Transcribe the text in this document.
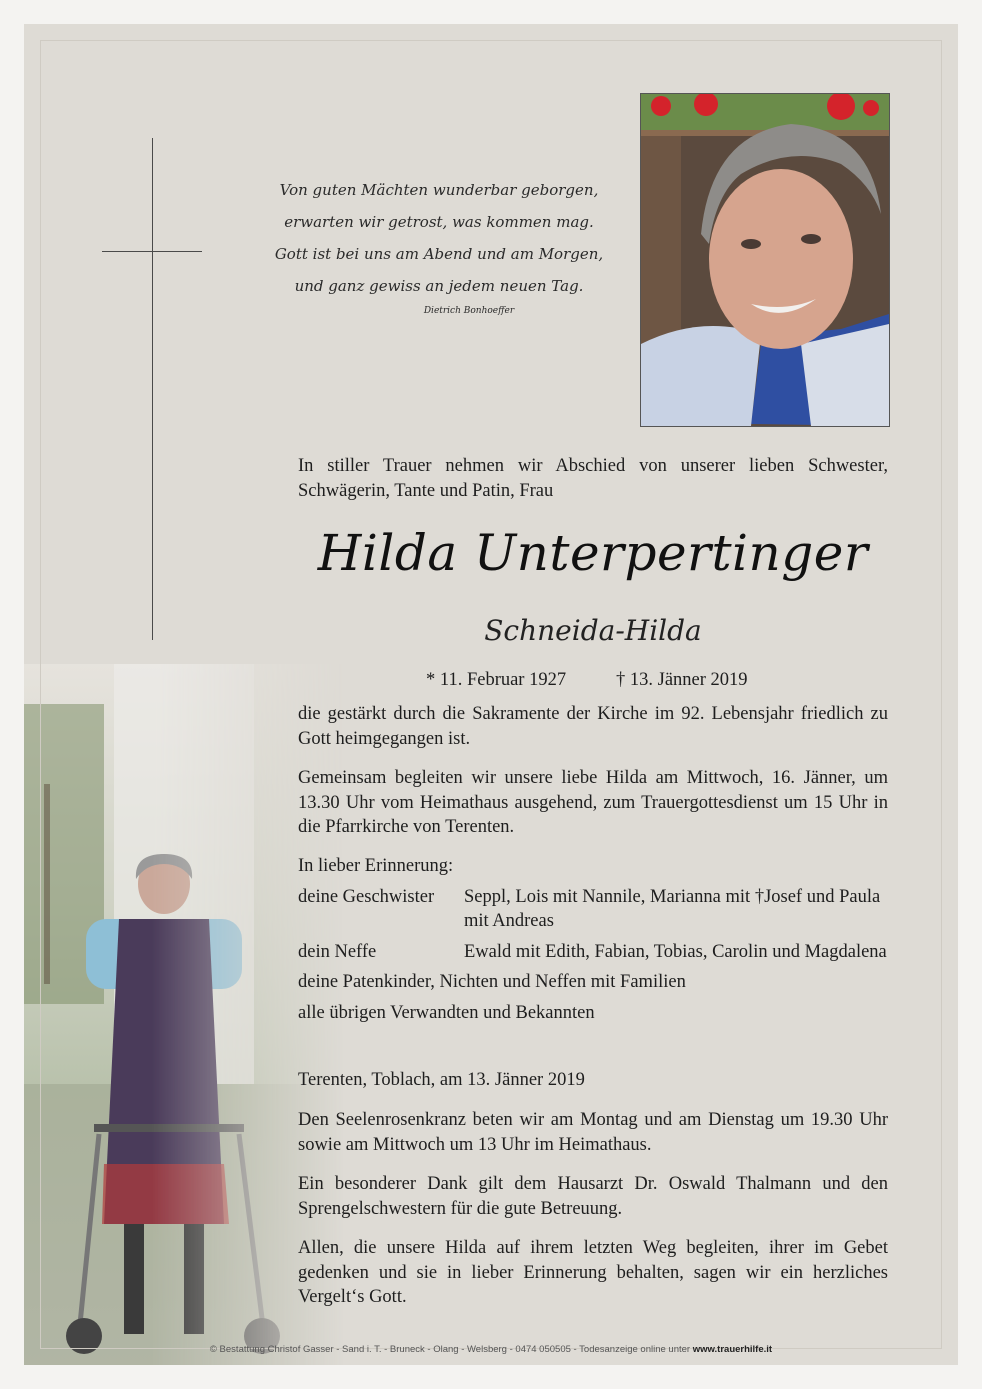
Von guten Mächten wunderbar geborgen,
erwarten wir getrost, was kommen mag.
Gott ist bei uns am Abend und am Morgen,
und ganz gewiss an jedem neuen Tag.
Dietrich Bonhoeffer
In stiller Trauer nehmen wir Abschied von unserer lieben Schwester, Schwägerin, Tante und Patin, Frau
Hilda Unterpertinger
Schneida-Hilda
* 11. Februar 1927	† 13. Jänner 2019
die gestärkt durch die Sakramente der Kirche im 92. Lebensjahr friedlich zu Gott heimgegangen ist.
Gemeinsam begleiten wir unsere liebe Hilda am Mittwoch, 16. Jänner, um 13.30 Uhr vom Heimathaus ausgehend, zum Trauergottesdienst um 15 Uhr in die Pfarrkirche von Terenten.
In lieber Erinnerung:
deine Geschwister Seppl, Lois mit Nannile, Marianna mit †Josef und Paula mit Andreas
dein Neffe	Ewald mit Edith, Fabian, Tobias, Carolin und Magdalena
deine Patenkinder, Nichten und Neffen mit Familien
alle übrigen Verwandten und Bekannten
Terenten, Toblach, am 13. Jänner 2019
Den Seelenrosenkranz beten wir am Montag und am Dienstag um 19.30 Uhr sowie am Mittwoch um 13 Uhr im Heimathaus.
Ein besonderer Dank gilt dem Hausarzt Dr. Oswald Thalmann und den Sprengelschwestern für die gute Betreuung.
Allen, die unsere Hilda auf ihrem letzten Weg begleiten, ihrer im Gebet gedenken und sie in lieber Erinnerung behalten, sagen wir ein herzliches Vergelt‘s Gott.
© Bestattung Christof Gasser - Sand i. T. - Bruneck - Olang - Welsberg - 0474 050505 - Todesanzeige online unter www.trauerhilfe.it
